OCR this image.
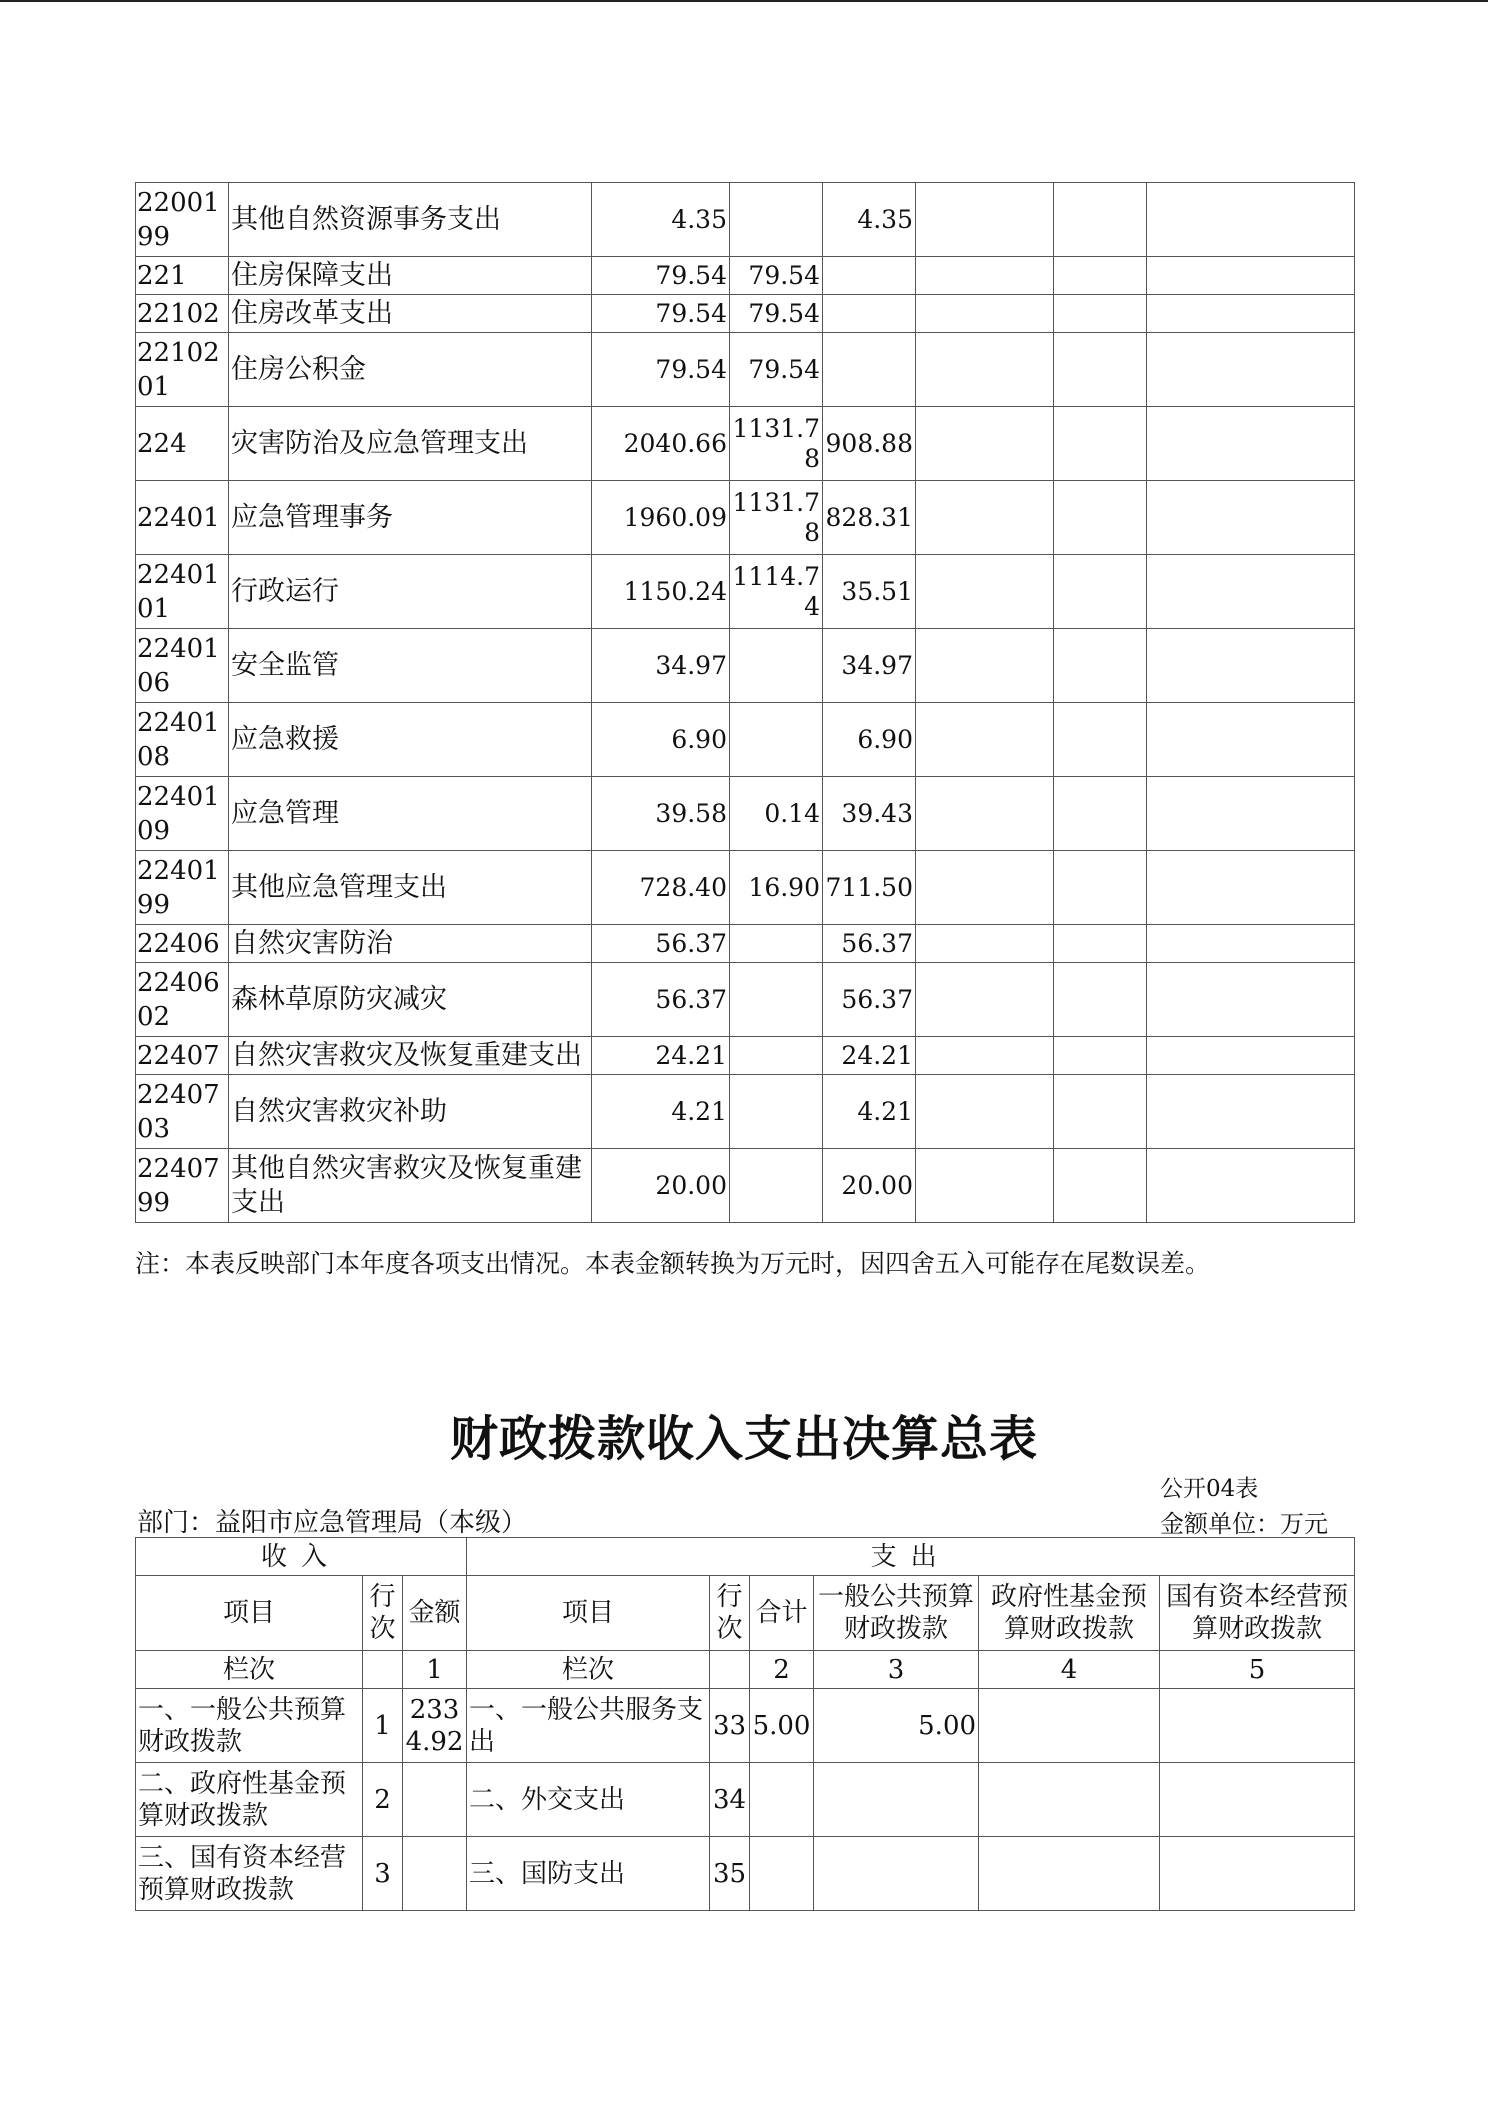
2200199	其他自然资源事务支出	4.35		4.35			
221	住房保障支出	79.54	79.54				
22102	住房改革支出	79.54	79.54				
2210201	住房公积金	79.54	79.54				
224	灾害防治及应急管理支出	2040.66	1131.78	908.88			
22401	应急管理事务	1960.09	1131.78	828.31			
2240101	行政运行	1150.24	1114.74	35.51			
2240106	安全监管	34.97		34.97			
2240108	应急救援	6.90		6.90			
2240109	应急管理	39.58	0.14	39.43			
2240199	其他应急管理支出	728.40	16.90	711.50			
22406	自然灾害防治	56.37		56.37			
2240602	森林草原防灾减灾	56.37		56.37			
22407	自然灾害救灾及恢复重建支出	24.21		24.21			
2240703	自然灾害救灾补助	4.21		4.21			
2240799	其他自然灾害救灾及恢复重建支出	20.00		20.00			
注：本表反映部门本年度各项支出情况。本表金额转换为万元时，因四舍五入可能存在尾数误差。
财政拨款收入支出决算总表
公开04表
部门：益阳市应急管理局（本级）	金额单位：万元
收入			支出					
项目	行次	金额	项目	行次	合计	一般公共预算财政拨款	政府性基金预算财政拨款	国有资本经营预算财政拨款
栏次		1	栏次		2	3	4	5
一、一般公共预算财政拨款	1	2334.92	一、一般公共服务支出	33	5.00	5.00		
二、政府性基金预算财政拨款	2		二、外交支出	34				
三、国有资本经营预算财政拨款	3		三、国防支出	35				
